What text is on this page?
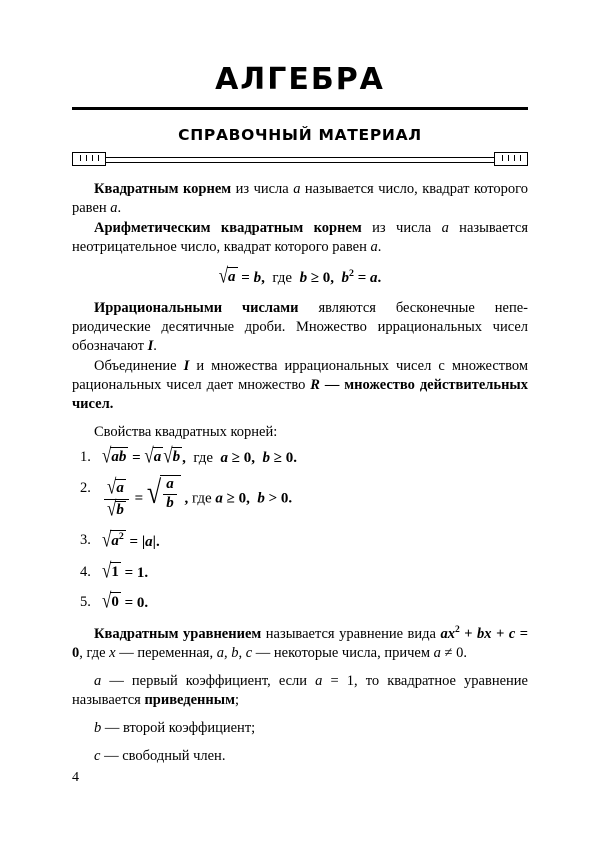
АЛГЕБРА
СПРАВОЧНЫЙ МАТЕРИАЛ

Квадратным корнем из числа a называется число, квадрат которого равен a.

Арифметическим квадратным корнем из числа a называется неотрицательное число, квадрат которого равен a.

√a = b,  где  b ≥ 0, $b^2 = a$.

Иррациональными числами являются бесконечные непериодические десятичные дроби. Множество иррациональных чисел обозначают I.

Объединение I и множества иррациональных чисел с множеством рациональных чисел дает множество R — множество действительных чисел.

Свойства квадратных корней:

1. √ab = √a √b ,  где  a ≥ 0, b ≥ 0.
2. $\frac{√a}{√b}$ = √ $\frac{a}{b}$ , где a ≥ 0, b > 0.
3. $√a^2 = |a|$.
4. √1 = 1.
5. √0 = 0.

Квадратным уравнением называется уравнение вида $ax^2$ + bx + c = 0, где x — переменная, a, b, c — некоторые числа, причем a ≠ 0.

a — первый коэффициент, если a = 1, то квадратное уравнение называется приведенным;

b — второй коэффициент;

c — свободный член.

4
